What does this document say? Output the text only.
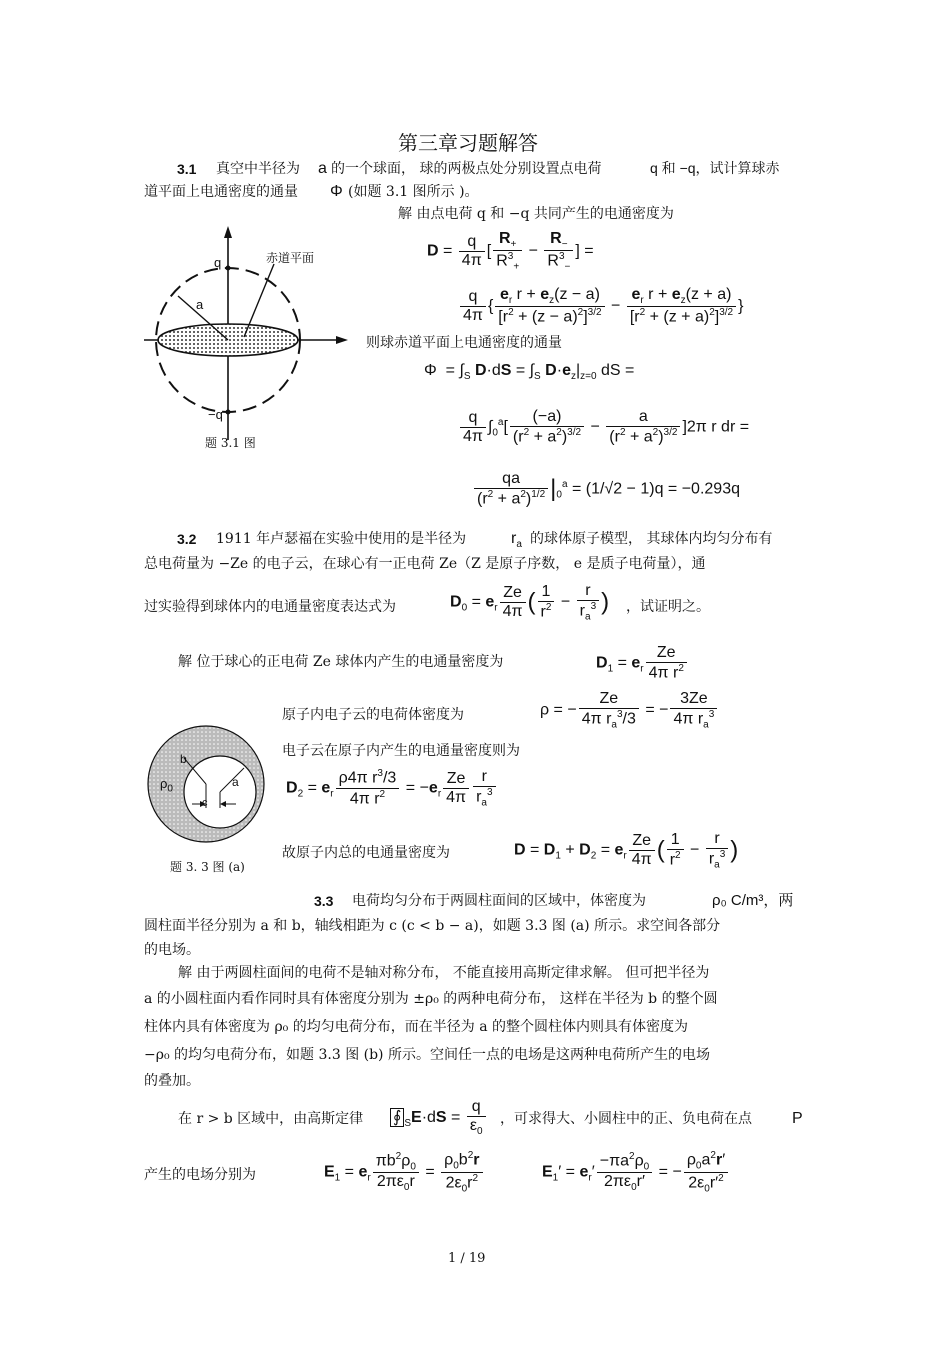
第三章习题解答
3.1 真空中半径为 a 的一个球面， 球的两极点处分别设置点电荷	q 和 −q，试计算球赤
道平面上电通密度的通量 Φ (如题 3.1 图所示 )。
解 由点电荷 q 和 −q 共同产生的电通密度为
q	赤道平面
a
−q
题 3.1 图
$D = \frac{q}{4\pi}$ [ $\frac{R_+}{R^3_+} - \frac{R_-}{R^3_-}$ ] =
$\frac{q}{4\pi}$ { $\frac{e_r r + e_z(z - a)}{[r^2 + (z - a)^2]^{3/2}} - \frac{e_r r + e_z(z + a)}{[r^2 + (z + a)^2]^{3/2}}$ }
则球赤道平面上电通密度的通量
$\Phi = \int_S$ $D\cdot dS = \int_S$ $D\cdot e_z|_{z=0}$ dS =
$\frac{q}{4\pi} \int_0^a[ \frac{(-a)}{(r^2 + a^2)^{3/2}} - \frac{a}{(r^2 + a^2)^{3/2}} ]2\pi$ r dr =
$\frac{qa}{(r^2 + a^2)^{1/2}} |_0^a = (1/√2 - 1)q = -0.293q$
3.2 1911 年卢瑟福在实验中使用的是半径为	$r_a$ 的球体原子模型， 其球体内均匀分布有
总电荷量为 −Ze 的电子云，在球心有一正电荷 Ze（Z 是原子序数， e 是质子电荷量），通
过实验得到球体内的电通量密度表达式为	$D_0 = e_r \frac{Ze}{4\pi}$ ( $\frac{1}{r^2} - \frac{r}{r_a^3}$ ) ，试证明之。
解 位于球心的正电荷 Ze 球体内产生的电通量密度为	$D_1 = e_r \frac{Ze}{4\pi r^2}$
b
a
c
$\rho_0$
题 3. 3 图 (a)
原子内电子云的电荷体密度为	ρ = − $\frac{Ze}{4\pi r_a^3/3}$ = − $\frac{3Ze}{4\pi r_a^3}$
电子云在原子内产生的电通量密度则为
$D_2 = e_r \frac{\rho 4\pi r^3/3}{4\pi r^2} = -e_r \frac{Ze}{4\pi} \frac{r}{r_a^3}$
故原子内总的电通量密度为	$D = D_1 + D_2 = e_r \frac{Ze}{4\pi}$ ( $\frac{1}{r^2} - \frac{r}{r_a^3}$ )
3.3 电荷均匀分布于两圆柱面间的区域中，体密度为	ρ₀ C/m³，两
圆柱面半径分别为 a 和 b，轴线相距为 c (c < b − a)，如题 3.3 图 (a) 所示。求空间各部分
的电场。
解 由于两圆柱面间的电荷不是轴对称分布， 不能直接用高斯定律求解。 但可把半径为
a 的小圆柱面内看作同时具有体密度分别为 ±ρ₀ 的两种电荷分布， 这样在半径为 b 的整个圆
柱体内具有体密度为 ρ₀ 的均匀电荷分布，而在半径为 a 的整个圆柱体内则具有体密度为
−ρ₀ 的均匀电荷分布，如题 3.3 图 (b) 所示。空间任一点的电场是这两种电荷所产生的电场
的叠加。
在 r > b 区域中，由高斯定律 ∮ $_SE\cdot dS = \frac{q}{\varepsilon_0}$ ，可求得大、小圆柱中的正、负电荷在点	P
产生的电场分别为	$E_1 = e_r \frac{\pi b^2\rho_0}{2\pi\varepsilon_0r} = \frac{\rho_0b^2r}{2\varepsilon_0r^2}$	$E_1' = e_r' \frac{-\pi a^2\rho_0}{2\pi\varepsilon_0r'}$ = − $\frac{\rho_0a^2r'}{2\varepsilon_0r'^2}$
1 / 19
